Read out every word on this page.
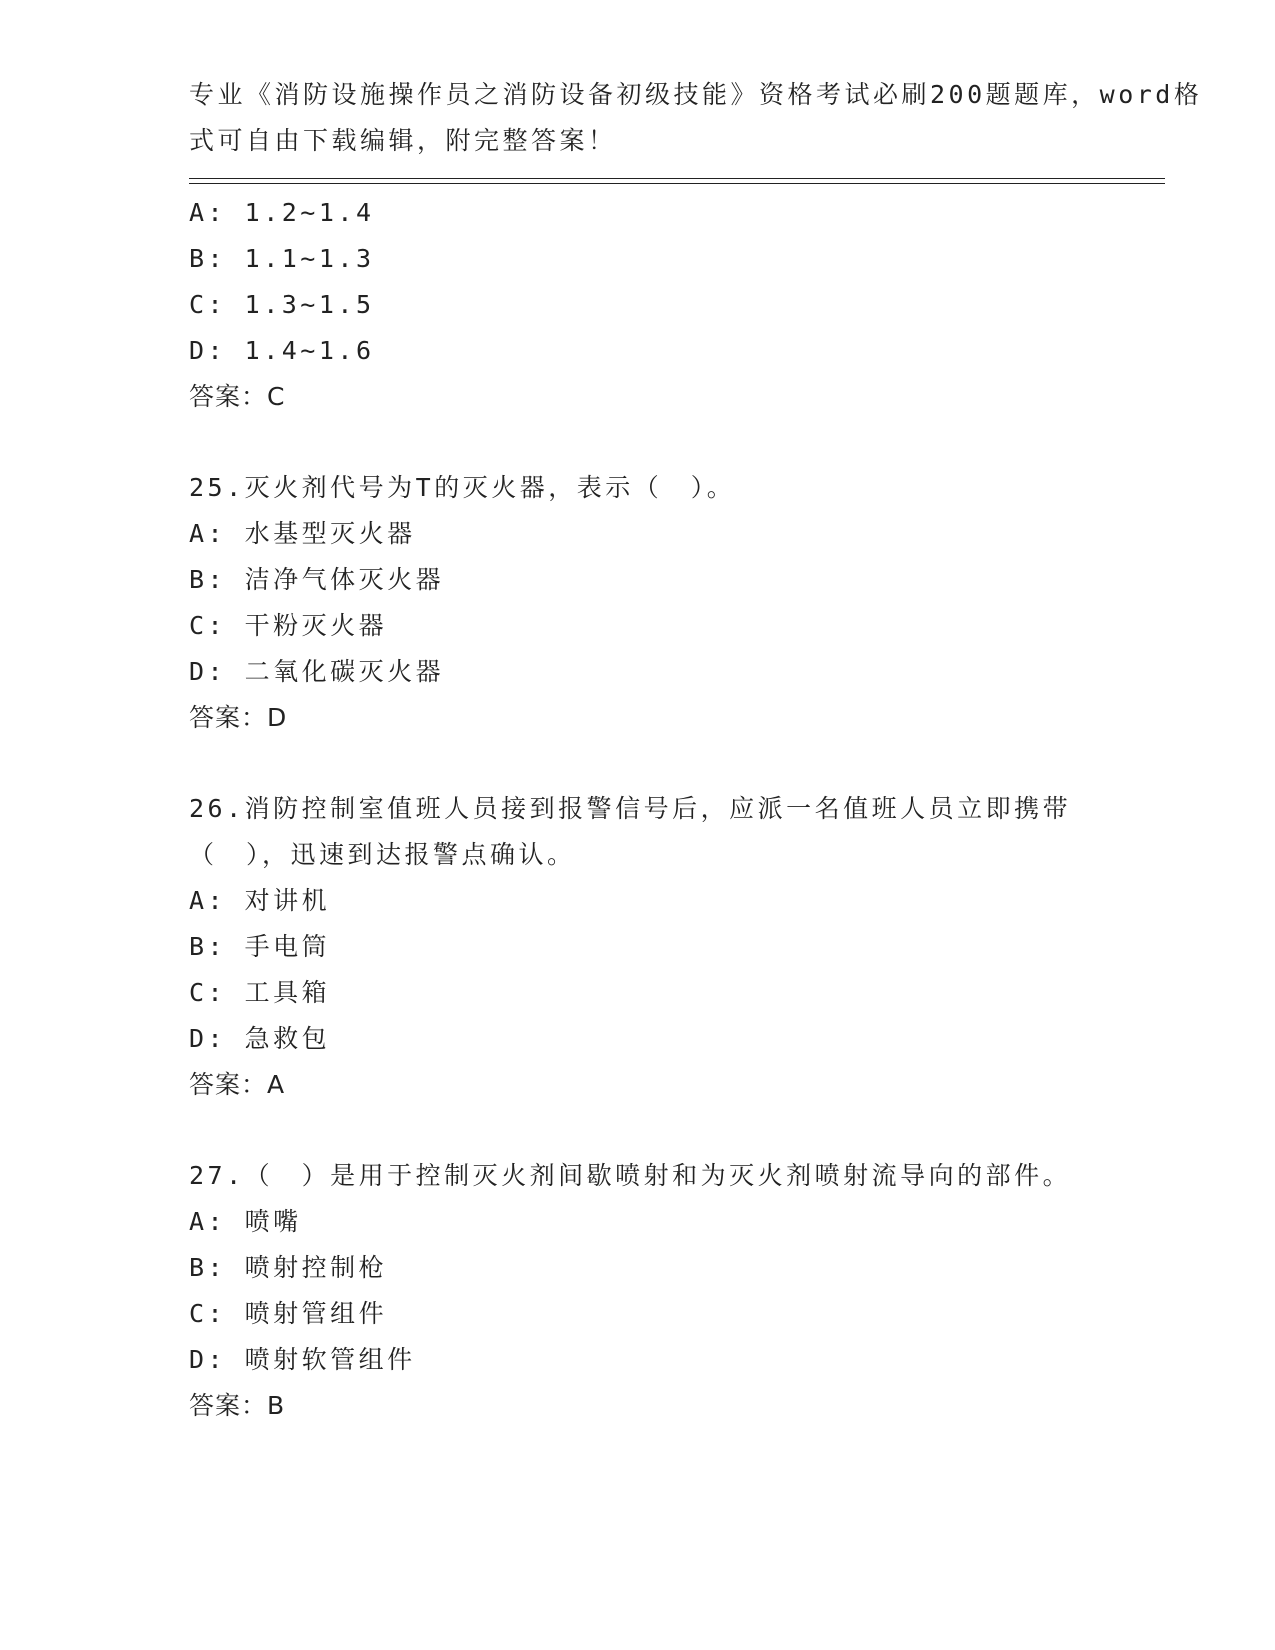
专业《消防设施操作员之消防设备初级技能》资格考试必刷200题题库，word格
式可自由下载编辑，附完整答案！
A: 1.2~1.4
B: 1.1~1.3
C: 1.3~1.5
D: 1.4~1.6
答案：C
25.灭火剂代号为T的灭火器，表示（　）。
A: 水基型灭火器
B: 洁净气体灭火器
C: 干粉灭火器
D: 二氧化碳灭火器
答案：D
26.消防控制室值班人员接到报警信号后，应派一名值班人员立即携带
（　），迅速到达报警点确认。
A: 对讲机
B: 手电筒
C: 工具箱
D: 急救包
答案：A
27.（　）是用于控制灭火剂间歇喷射和为灭火剂喷射流导向的部件。
A: 喷嘴
B: 喷射控制枪
C: 喷射管组件
D: 喷射软管组件
答案：B
